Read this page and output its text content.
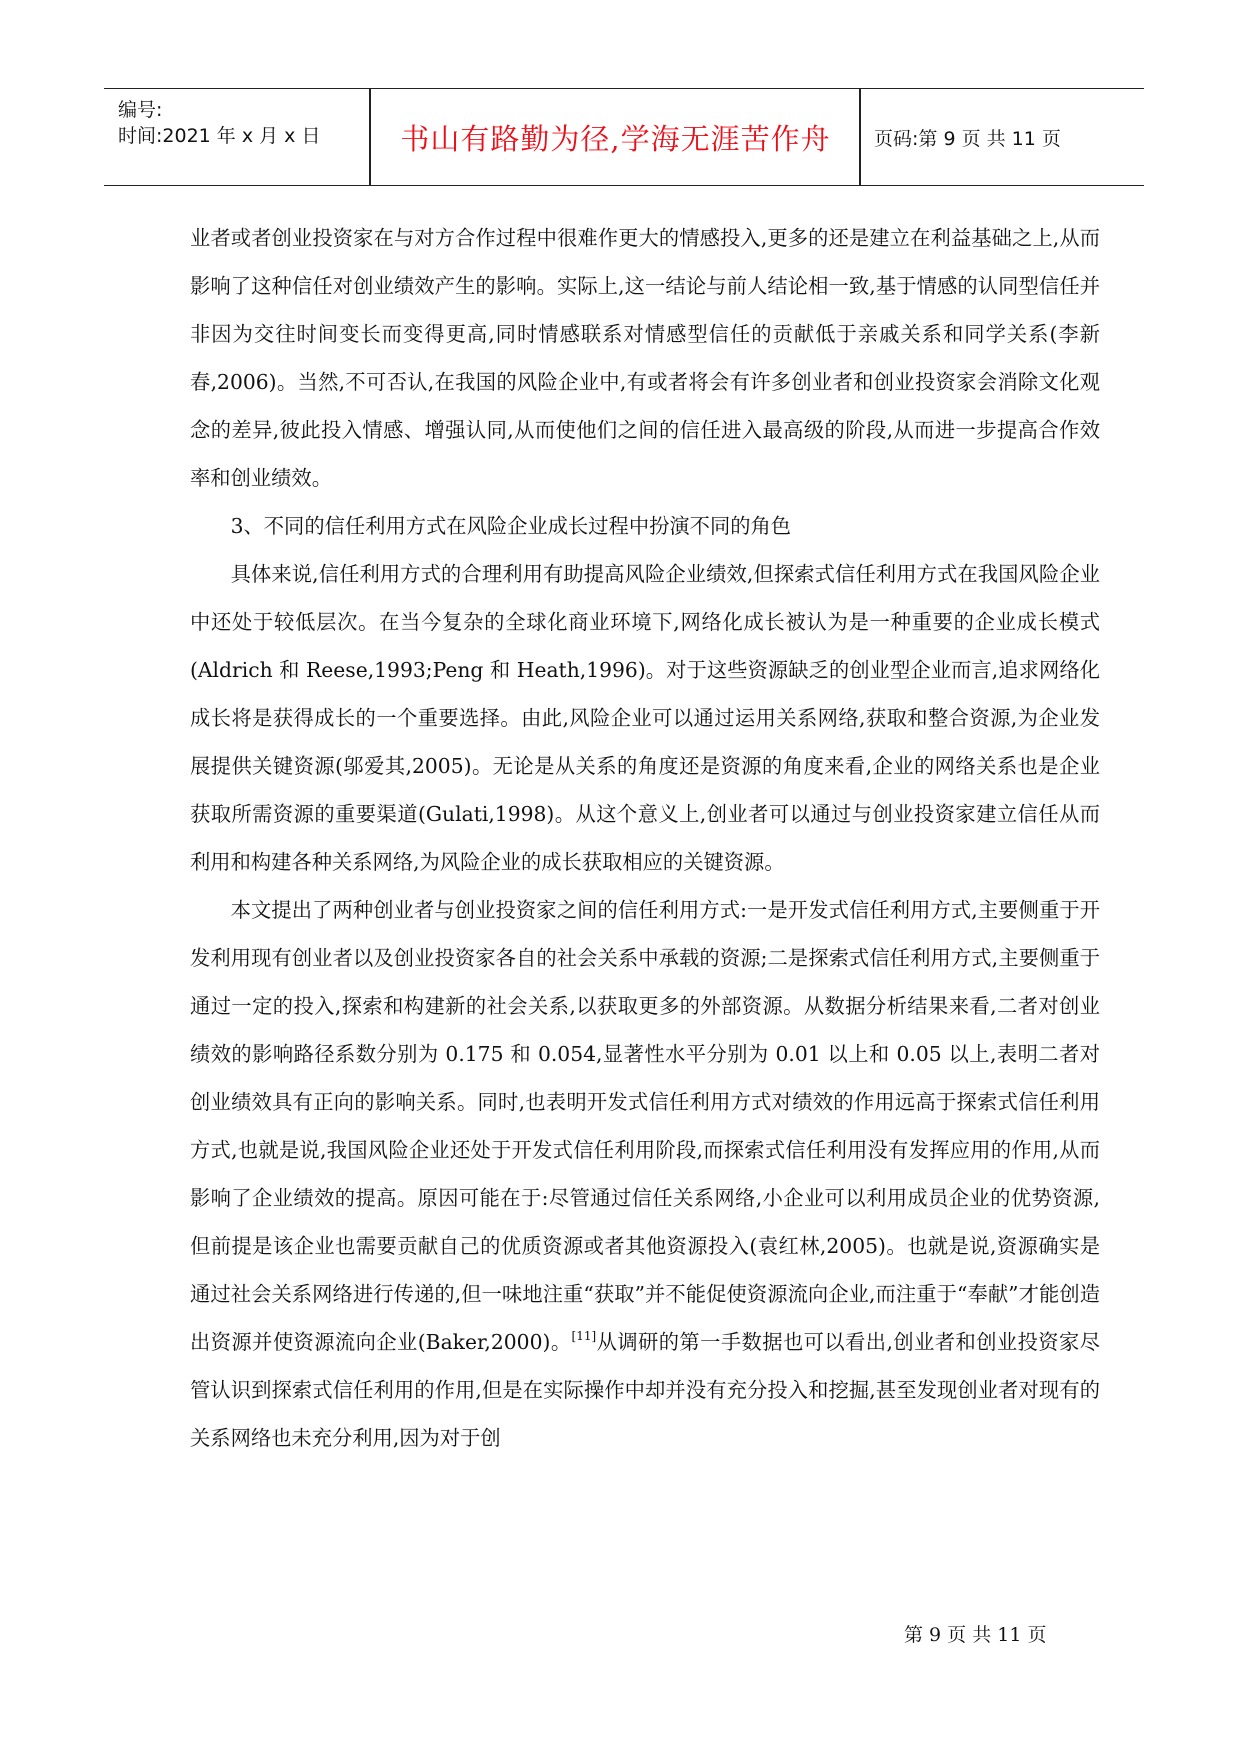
编号:
时间:2021 年 x 月 x 日	书山有路勤为径,学海无涯苦作舟	页码:第 9 页 共 11 页

业者或者创业投资家在与对方合作过程中很难作更大的情感投入,更多的还是建立在利益基础之上,从而影响了这种信任对创业绩效产生的影响。实际上,这一结论与前人结论相一致,基于情感的认同型信任并非因为交往时间变长而变得更高,同时情感联系对情感型信任的贡献低于亲戚关系和同学关系(李新春,2006)。当然,不可否认,在我国的风险企业中,有或者将会有许多创业者和创业投资家会消除文化观念的差异,彼此投入情感、增强认同,从而使他们之间的信任进入最高级的阶段,从而进一步提高合作效率和创业绩效。

3、不同的信任利用方式在风险企业成长过程中扮演不同的角色

具体来说,信任利用方式的合理利用有助提高风险企业绩效,但探索式信任利用方式在我国风险企业中还处于较低层次。在当今复杂的全球化商业环境下,网络化成长被认为是一种重要的企业成长模式(Aldrich 和 Reese,1993;Peng 和 Heath,1996)。对于这些资源缺乏的创业型企业而言,追求网络化成长将是获得成长的一个重要选择。由此,风险企业可以通过运用关系网络,获取和整合资源,为企业发展提供关键资源(邬爱其,2005)。无论是从关系的角度还是资源的角度来看,企业的网络关系也是企业获取所需资源的重要渠道(Gulati,1998)。从这个意义上,创业者可以通过与创业投资家建立信任从而利用和构建各种关系网络,为风险企业的成长获取相应的关键资源。

本文提出了两种创业者与创业投资家之间的信任利用方式:一是开发式信任利用方式,主要侧重于开发利用现有创业者以及创业投资家各自的社会关系中承载的资源;二是探索式信任利用方式,主要侧重于通过一定的投入,探索和构建新的社会关系,以获取更多的外部资源。从数据分析结果来看,二者对创业绩效的影响路径系数分别为 0.175 和 0.054,显著性水平分别为 0.01 以上和 0.05 以上,表明二者对创业绩效具有正向的影响关系。同时,也表明开发式信任利用方式对绩效的作用远高于探索式信任利用方式,也就是说,我国风险企业还处于开发式信任利用阶段,而探索式信任利用没有发挥应用的作用,从而影响了企业绩效的提高。原因可能在于:尽管通过信任关系网络,小企业可以利用成员企业的优势资源,但前提是该企业也需要贡献自己的优质资源或者其他资源投入(袁红林,2005)。也就是说,资源确实是通过社会关系网络进行传递的,但一味地注重“获取”并不能促使资源流向企业,而注重于“奉献”才能创造出资源并使资源流向企业(Baker,2000)。[11]从调研的第一手数据也可以看出,创业者和创业投资家尽管认识到探索式信任利用的作用,但是在实际操作中却并没有充分投入和挖掘,甚至发现创业者对现有的关系网络也未充分利用,因为对于创

第 9 页 共 11 页
